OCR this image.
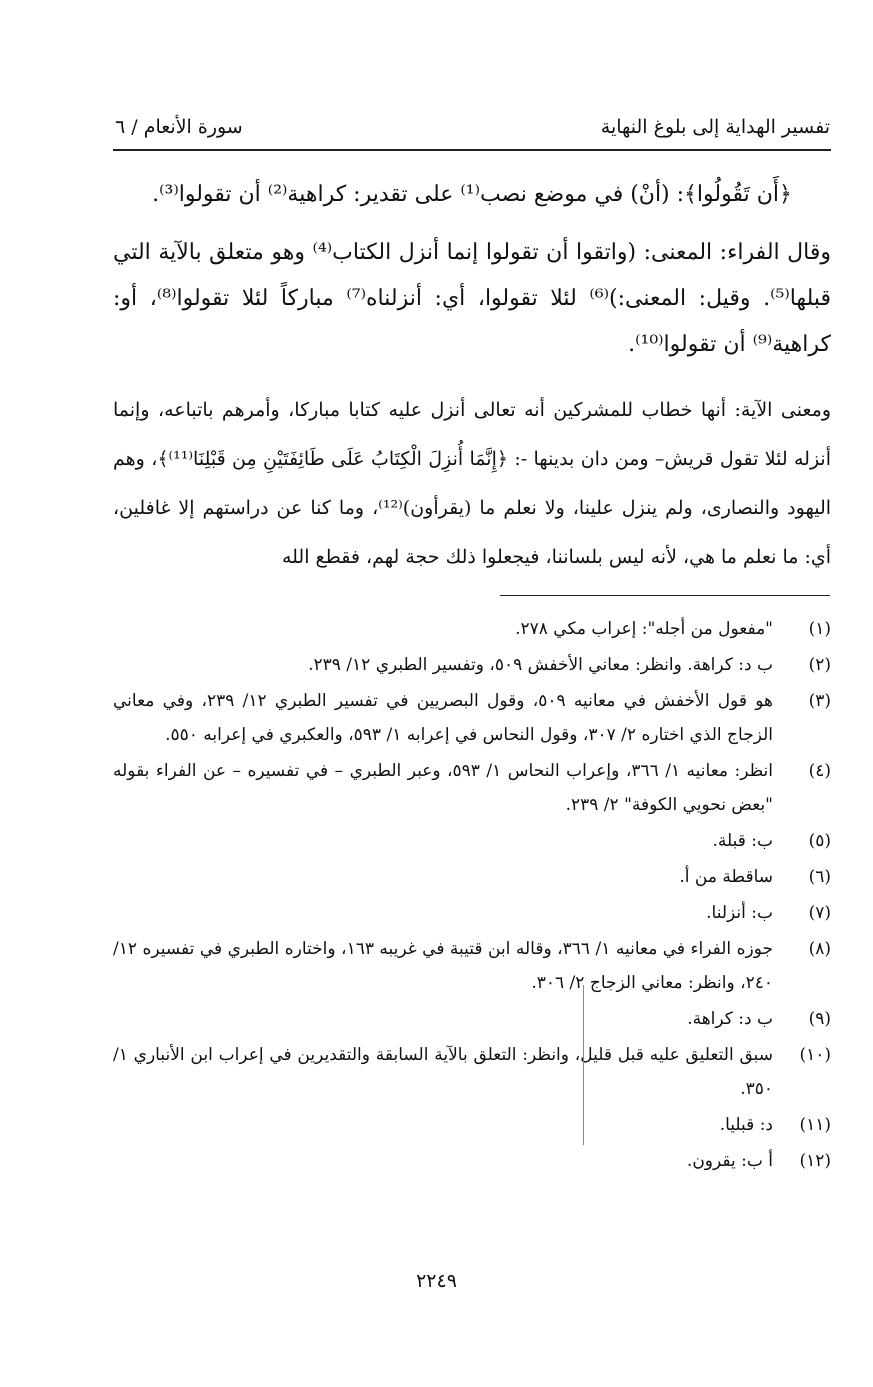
تفسير الهداية إلى بلوغ النهاية
سورة الأنعام / ٦

﴿أَن تَقُولُوا﴾: (أنْ) في موضع نصب⁽¹⁾ على تقدير: كراهية⁽²⁾ أن تقولوا⁽³⁾.

وقال الفراء: المعنى: (واتقوا أن تقولوا إنما أنزل الكتاب⁽⁴⁾ وهو متعلق بالآية التي قبلها⁽⁵⁾. وقيل: المعنى:)⁽⁶⁾ لئلا تقولوا، أي: أنزلناه⁽⁷⁾ مباركاً لئلا تقولوا⁽⁸⁾، أو: كراهية⁽⁹⁾ أن تقولوا⁽¹⁰⁾.

ومعنى الآية: أنها خطاب للمشركين أنه تعالى أنزل عليه كتابا مباركا، وأمرهم باتباعه، وإنما أنزله لئلا تقول قريش– ومن دان بدينها -: ﴿إِنَّمَا أُنزِلَ الْكِتَابُ عَلَى طَائِفَتَيْنِ مِن قَبْلِنَا⁽¹¹⁾﴾، وهم اليهود والنصارى، ولم ينزل علينا، ولا نعلم ما (يقرأون)⁽¹²⁾، وما كنا عن دراستهم إلا غافلين، أي: ما نعلم ما هي، لأنه ليس بلساننا، فيجعلوا ذلك حجة لهم، فقطع الله

(١)
"مفعول من أجله": إعراب مكي ٢٧٨.
(٢)
ب د: كراهة. وانظر: معاني الأخفش ٥٠٩، وتفسير الطبري ١٢/ ٢٣٩.
(٣)
هو قول الأخفش في معانيه ٥٠٩، وقول البصريين في تفسير الطبري ١٢/ ٢٣٩، وفي معاني الزجاج الذي اختاره ٢/ ٣٠٧، وقول النحاس في إعرابه ١/ ٥٩٣، والعكبري في إعرابه ٥٥٠.
(٤)
انظر: معانيه ١/ ٣٦٦، وإعراب النحاس ١/ ٥٩٣، وعبر الطبري – في تفسيره – عن الفراء بقوله "بعض نحويي الكوفة" ٢/ ٢٣٩.
(٥)
ب: قبلة.
(٦)
ساقطة من أ.
(٧)
ب: أنزلنا.
(٨)
جوزه الفراء في معانيه ١/ ٣٦٦، وقاله ابن قتيبة في غريبه ١٦٣، واختاره الطبري في تفسيره ١٢/ ٢٤٠، وانظر: معاني الزجاج ٢/ ٣٠٦.
(٩)
ب د: كراهة.
(١٠)
سبق التعليق عليه قبل قليل، وانظر: التعلق بالآية السابقة والتقديرين في إعراب ابن الأنباري ١/ ٣٥٠.
(١١)
د: قبليا.
(١٢)
أ ب: يقرون.
٢٢٤٩
